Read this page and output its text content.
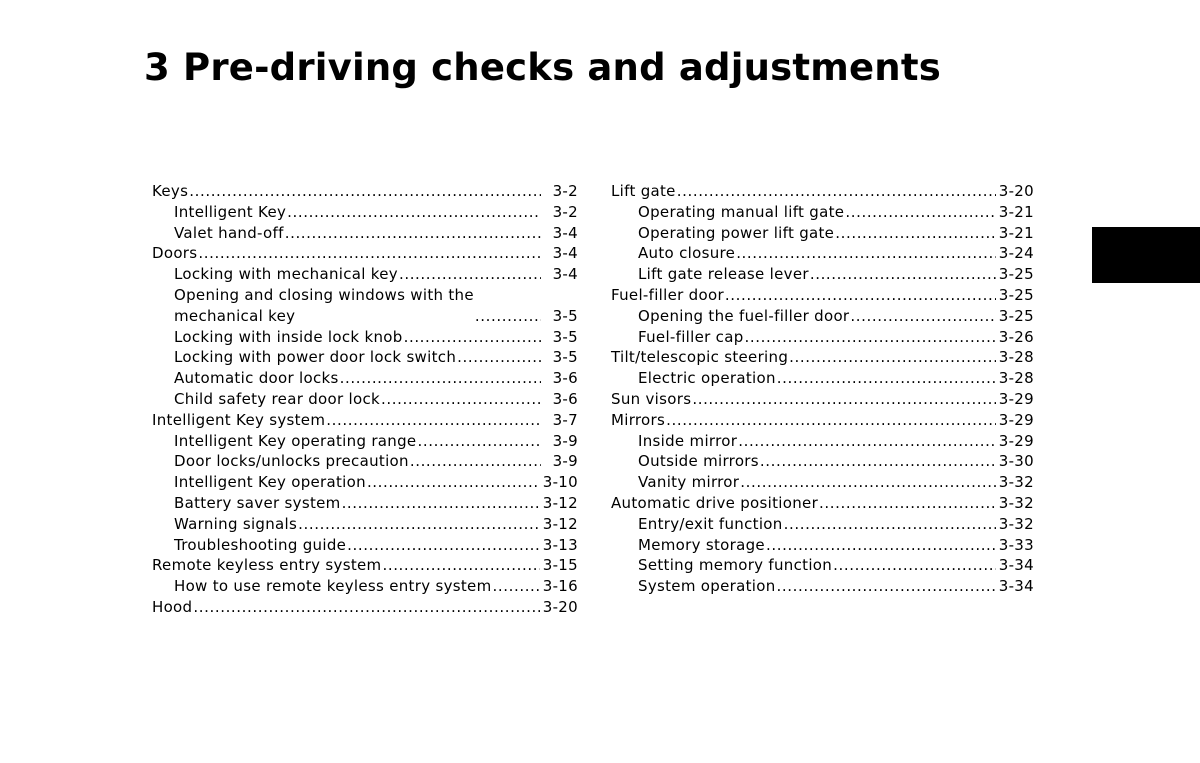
3 Pre-driving checks and adjustments
Keys .....	3-2
Intelligent Key .....	3-2
Valet hand-off .....	3-4
Doors .....	3-4
Locking with mechanical key .....	3-4
Opening and closing windows with the
mechanical key .....	3-5
Locking with inside lock knob .....	3-5
Locking with power door lock switch .....	3-5
Automatic door locks .....	3-6
Child safety rear door lock .....	3-6
Intelligent Key system .....	3-7
Intelligent Key operating range .....	3-9
Door locks/unlocks precaution .....	3-9
Intelligent Key operation .....	3-10
Battery saver system .....	3-12
Warning signals .....	3-12
Troubleshooting guide .....	3-13
Remote keyless entry system .....	3-15
How to use remote keyless entry system .....	3-16
Hood .....	3-20
Lift gate .....	3-20
Operating manual lift gate .....	3-21
Operating power lift gate .....	3-21
Auto closure .....	3-24
Lift gate release lever .....	3-25
Fuel-filler door .....	3-25
Opening the fuel-filler door .....	3-25
Fuel-filler cap .....	3-26
Tilt/telescopic steering .....	3-28
Electric operation .....	3-28
Sun visors .....	3-29
Mirrors .....	3-29
Inside mirror .....	3-29
Outside mirrors .....	3-30
Vanity mirror .....	3-32
Automatic drive positioner .....	3-32
Entry/exit function .....	3-32
Memory storage .....	3-33
Setting memory function .....	3-34
System operation .....	3-34
